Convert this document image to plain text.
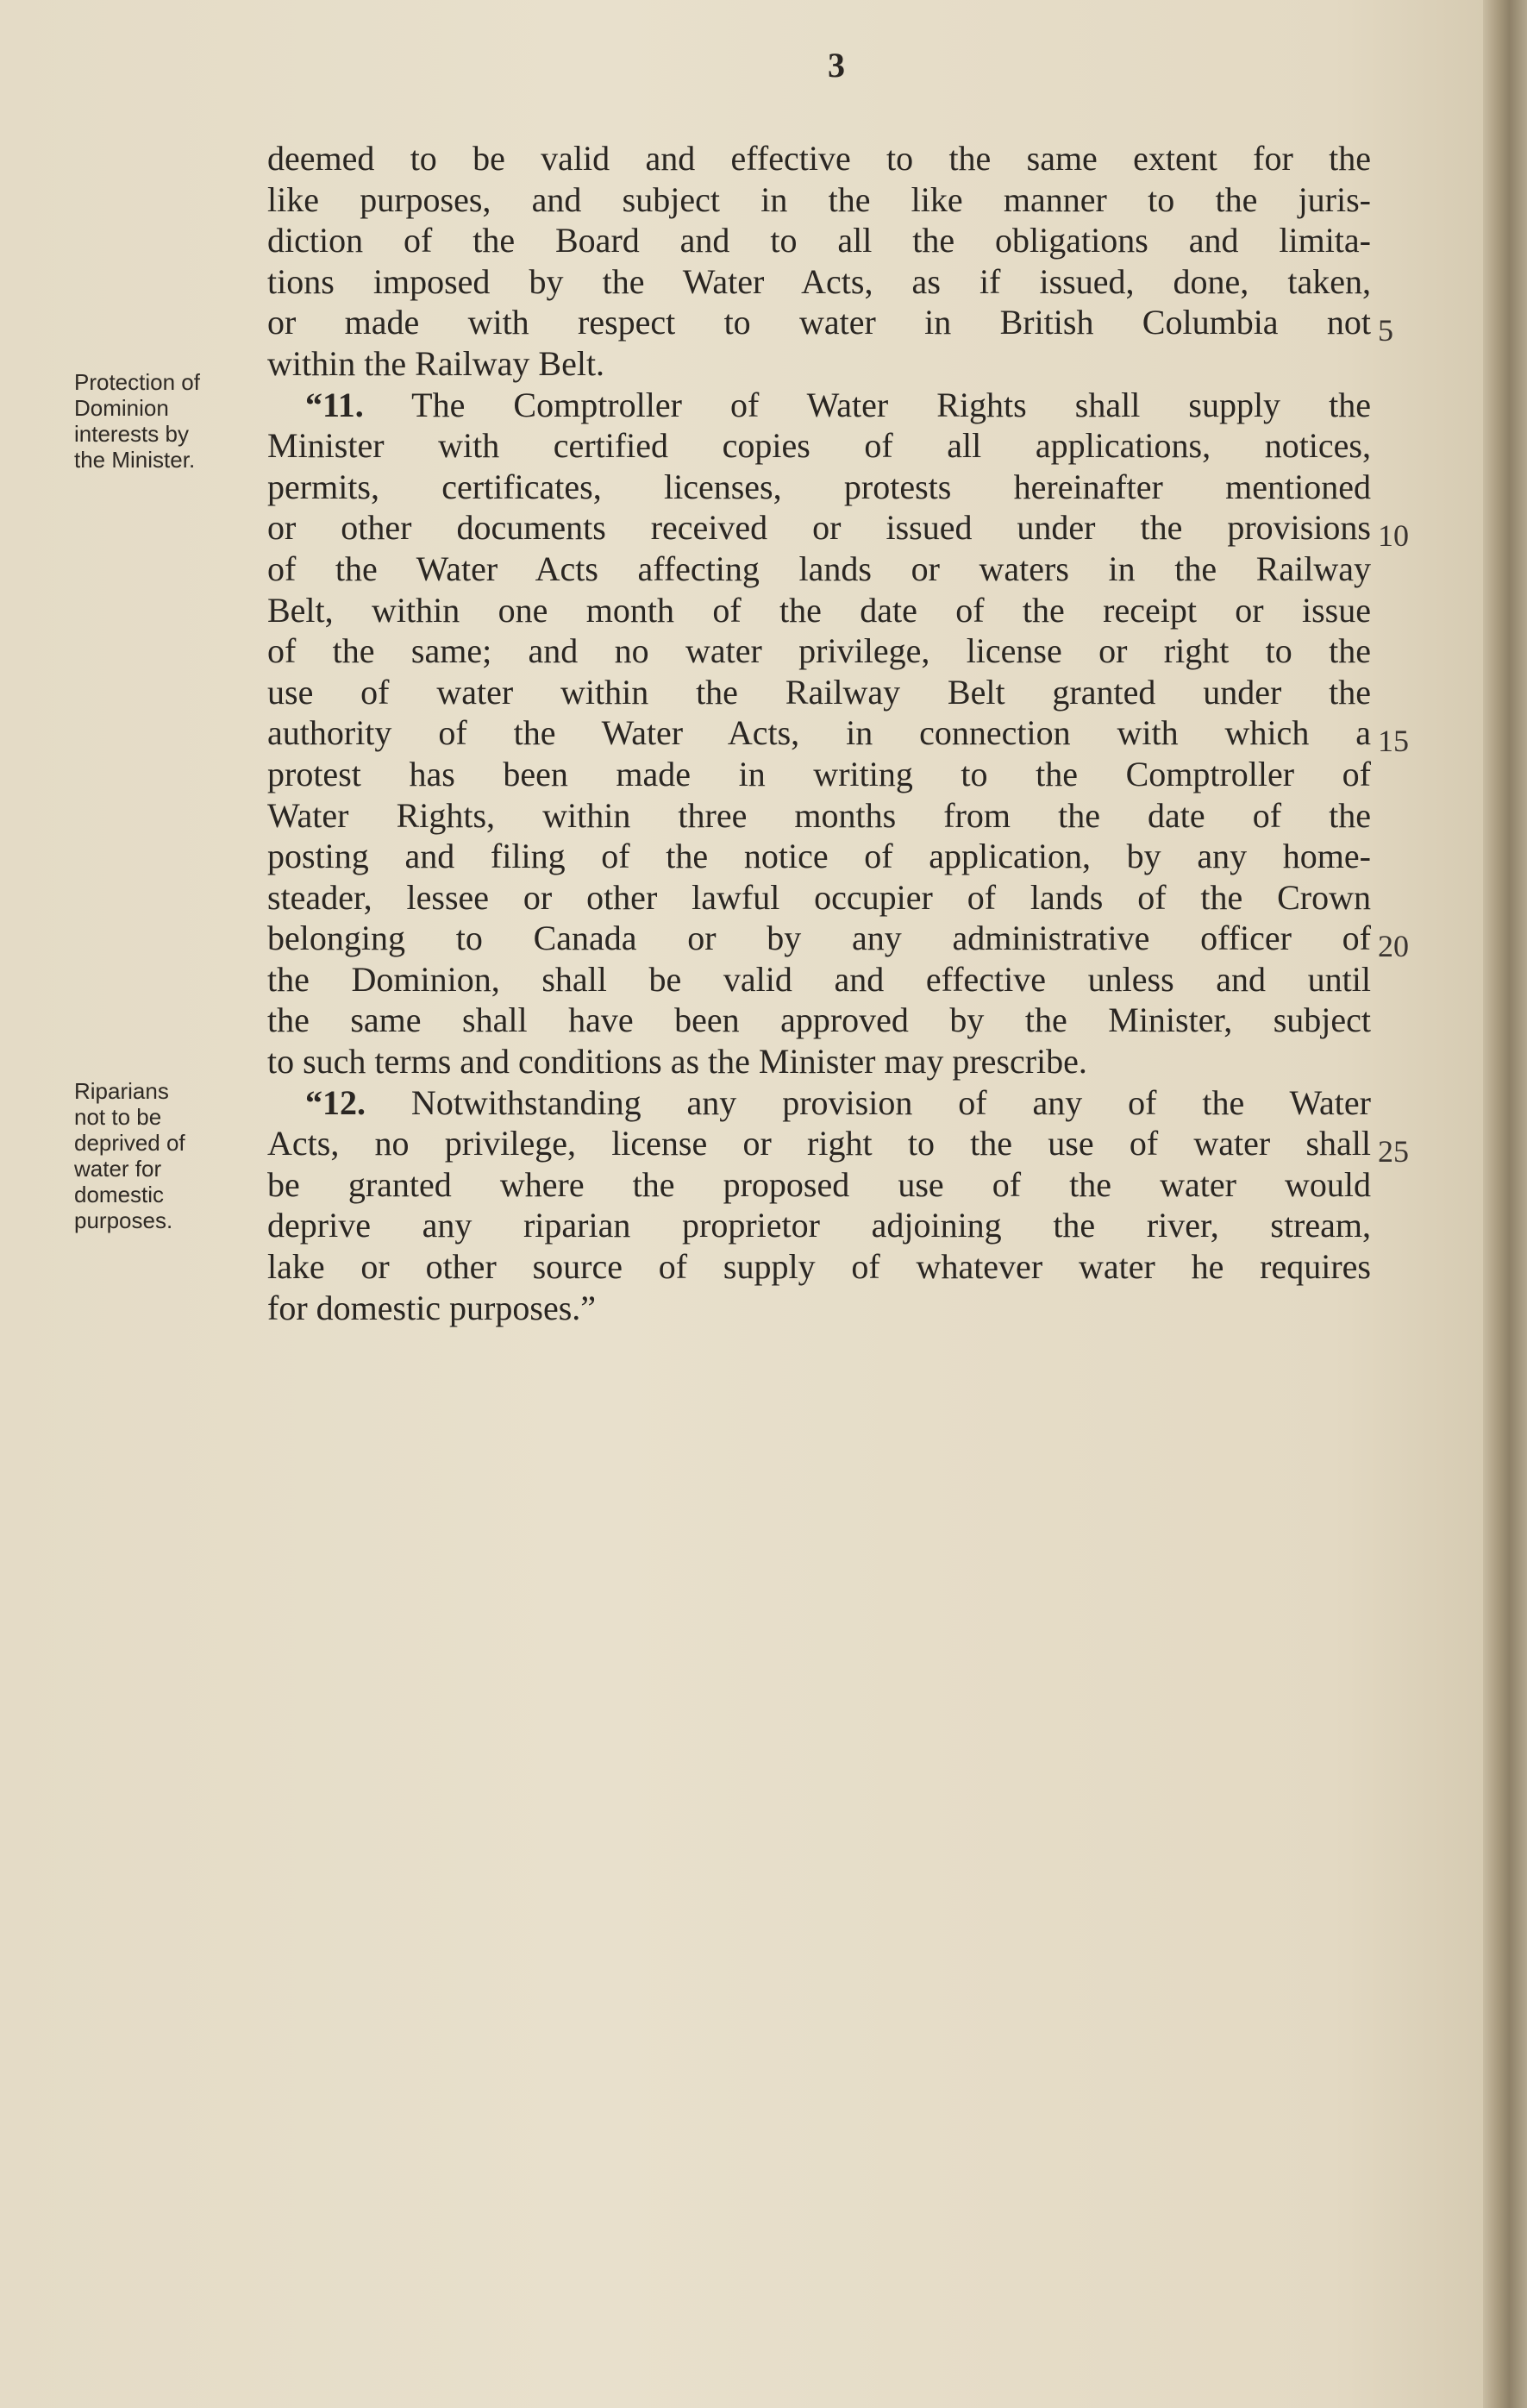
3
Protection of
Dominion
interests by
the Minister.
Riparians
not to be
deprived of
water for
domestic
purposes.
deemed to be valid and effective to the same extent for the
like purposes, and subject in the like manner to the juris-
diction of the Board and to all the obligations and limita-
tions imposed by the Water Acts, as if issued, done, taken,
or made with respect to water in British Columbia not
within the Railway Belt.
“11. The Comptroller of Water Rights shall supply the
Minister with certified copies of all applications, notices,
permits, certificates, licenses, protests hereinafter mentioned
or other documents received or issued under the provisions
of the Water Acts affecting lands or waters in the Railway
Belt, within one month of the date of the receipt or issue
of the same; and no water privilege, license or right to the
use of water within the Railway Belt granted under the
authority of the Water Acts, in connection with which a
protest has been made in writing to the Comptroller of
Water Rights, within three months from the date of the
posting and filing of the notice of application, by any home-
steader, lessee or other lawful occupier of lands of the Crown
belonging to Canada or by any administrative officer of
the Dominion, shall be valid and effective unless and until
the same shall have been approved by the Minister, subject
to such terms and conditions as the Minister may prescribe.
“12. Notwithstanding any provision of any of the Water
Acts, no privilege, license or right to the use of water shall
be granted where the proposed use of the water would
deprive any riparian proprietor adjoining the river, stream,
lake or other source of supply of whatever water he requires
for domestic purposes.”
5
10
15
20
25
